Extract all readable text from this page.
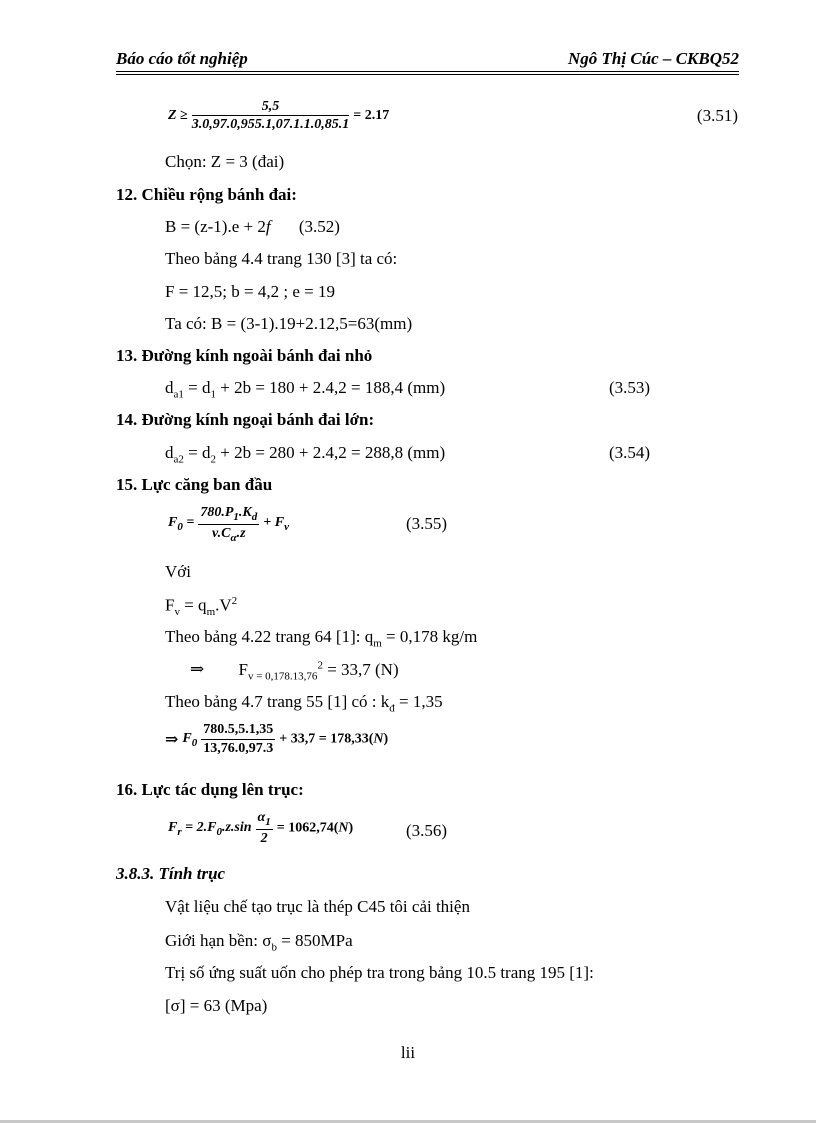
Báo cáo tốt nghiệp	Ngô Thị Cúc – CKBQ52
$Z \ge \frac{5,5}{3.0,97.0,955.1,07.1.1.0,85.1} = 2.17$	(3.51)
Chọn: Z = 3 (đai)
12. Chiều rộng bánh đai:
B = (z-1).e + 2f (3.52)
Theo bảng 4.4 trang 130 [3] ta có:
F = 12,5; b = 4,2 ; e = 19
Ta có: B = (3-1).19+2.12,5=63(mm)
13. Đường kính ngoài bánh đai nhỏ
$d_{a1} = d_1 + 2b = 180 + 2.4,2 = 188,4$ (mm)	(3.53)
14. Đường kính ngoại bánh đai lớn:
$d_{a2} = d_2 + 2b = 280 + 2.4,2 = 288,8$ (mm)	(3.54)
15. Lực căng ban đầu
$F_0 = \frac{780.P_1.K_d}{v.C_\alpha.z} + F_v$	(3.55)
Với
$F_v = q_m.V^2$
Theo bảng 4.22 trang 64 [1]: $q_m = 0,178$ kg/m
⇒ $F_{v = 0,178.13,76}^2 = 33,7$ (N)
Theo bảng 4.7 trang 55 [1] có : $k_đ = 1,35$
⇒ $F_0 \frac{780.5,5.1,35}{13,76.0,97.3} + 33,7 = 178,33(N)$
16. Lực tác dụng lên trục:
$F_r = 2.F_0.z.\sin \frac{\alpha_1}{2} = 1062,74(N)$	(3.56)
3.8.3. Tính trục
Vật liệu chế tạo trục là thép C45 tôi cải thiện
Giới hạn bền: $\sigma_b = 850MPa$
Trị số ứng suất uốn cho phép tra trong bảng 10.5 trang 195 [1]:
[σ] = 63 (Mpa)
lii
